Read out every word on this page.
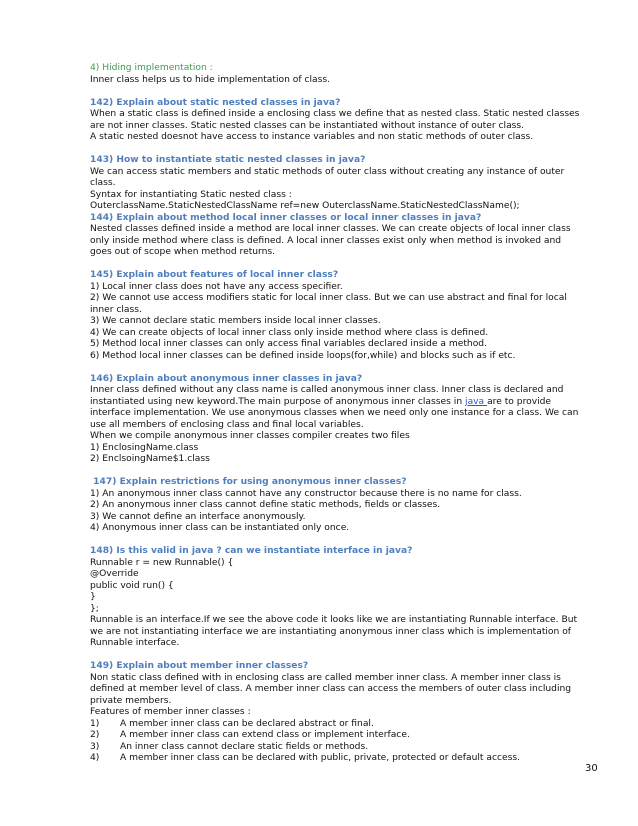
4) Hiding implementation :
Inner class helps us to hide implementation of class.
142) Explain about static nested classes in java?
When a static class is defined inside a enclosing class we define that as nested class. Static nested classes
are not inner classes. Static nested classes can be instantiated without instance of outer class.
A static nested doesnot have access to instance variables and non static methods of outer class.
143) How to instantiate static nested classes in java?
We can access static members and static methods of outer class without creating any instance of outer
class.
Syntax for instantiating Static nested class :
OuterclassName.StaticNestedClassName ref=new OuterclassName.StaticNestedClassName();
144) Explain about method local inner classes or local inner classes in java?
Nested classes defined inside a method are local inner classes. We can create objects of local inner class
only inside method where class is defined. A local inner classes exist only when method is invoked and
goes out of scope when method returns.
145) Explain about features of local inner class?
1) Local inner class does not have any access specifier.
2) We cannot use access modifiers static for local inner class. But we can use abstract and final for local
inner class.
3) We cannot declare static members inside local inner classes.
4) We can create objects of local inner class only inside method where class is defined.
5) Method local inner classes can only access final variables declared inside a method.
6) Method local inner classes can be defined inside loops(for,while) and blocks such as if etc.
146) Explain about anonymous inner classes in java?
Inner class defined without any class name is called anonymous inner class. Inner class is declared and
instantiated using new keyword.The main purpose of anonymous inner classes in java are to provide
interface implementation. We use anonymous classes when we need only one instance for a class. We can
use all members of enclosing class and final local variables.
When we compile anonymous inner classes compiler creates two files
1) EnclosingName.class
2) EnclsoingName$1.class
147) Explain restrictions for using anonymous inner classes?
1) An anonymous inner class cannot have any constructor because there is no name for class.
2) An anonymous inner class cannot define static methods, fields or classes.
3) We cannot define an interface anonymously.
4) Anonymous inner class can be instantiated only once.
148) Is this valid in java ? can we instantiate interface in java?
Runnable r = new Runnable() {
@Override
public void run() {
}
};
Runnable is an interface.If we see the above code it looks like we are instantiating Runnable interface. But
we are not instantiating interface we are instantiating anonymous inner class which is implementation of
Runnable interface.
149) Explain about member inner classes?
Non static class defined with in enclosing class are called member inner class. A member inner class is
defined at member level of class. A member inner class can access the members of outer class including
private members.
Features of member inner classes :
1) A member inner class can be declared abstract or final.
2) A member inner class can extend class or implement interface.
3) An inner class cannot declare static fields or methods.
4) A member inner class can be declared with public, private, protected or default access.
30
